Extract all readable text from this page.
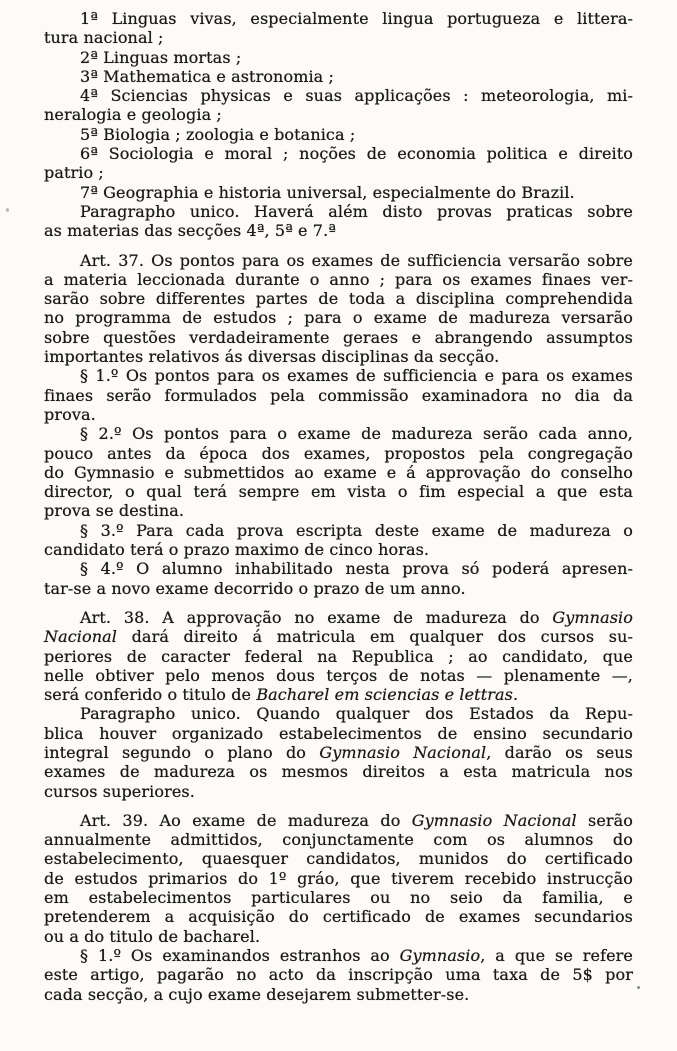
1ª Linguas vivas, especialmente lingua portugueza e littera-
tura nacional ;
2ª Linguas mortas ;
3ª Mathematica e astronomia ;
4ª Sciencias physicas e suas applicações : meteorologia, mi-
neralogia e geologia ;
5ª Biologia ; zoologia e botanica ;
6ª Sociologia e moral ; noções de economia politica e direito
patrio ;
7ª Geographia e historia universal, especialmente do Brazil.
Paragrapho unico. Haverá além disto provas praticas sobre
as materias das secções 4ª, 5ª e 7.ª
Art. 37. Os pontos para os exames de sufficiencia versarão sobre
a materia leccionada durante o anno ; para os exames finaes ver-
sarão sobre differentes partes de toda a disciplina comprehendida
no programma de estudos ; para o exame de madureza versarão
sobre questões verdadeiramente geraes e abrangendo assumptos
importantes relativos ás diversas disciplinas da secção.
§ 1.º Os pontos para os exames de sufficiencia e para os exames
finaes serão formulados pela commissão examinadora no dia da
prova.
§ 2.º Os pontos para o exame de madureza serão cada anno,
pouco antes da época dos exames, propostos pela congregação
do Gymnasio e submettidos ao exame e á approvação do conselho
director, o qual terá sempre em vista o fim especial a que esta
prova se destina.
§ 3.º Para cada prova escripta deste exame de madureza o
candidato terá o prazo maximo de cinco horas.
§ 4.º O alumno inhabilitado nesta prova só poderá apresen-
tar-se a novo exame decorrido o prazo de um anno.
Art. 38. A approvação no exame de madureza do Gymnasio
Nacional dará direito á matricula em qualquer dos cursos su-
periores de caracter federal na Republica ; ao candidato, que
nelle obtiver pelo menos dous terços de notas — plenamente —,
será conferido o titulo de Bacharel em sciencias e lettras.
Paragrapho unico. Quando qualquer dos Estados da Repu-
blica houver organizado estabelecimentos de ensino secundario
integral segundo o plano do Gymnasio Nacional, darão os seus
exames de madureza os mesmos direitos a esta matricula nos
cursos superiores.
Art. 39. Ao exame de madureza do Gymnasio Nacional serão
annualmente admittidos, conjunctamente com os alumnos do
estabelecimento, quaesquer candidatos, munidos do certificado
de estudos primarios do 1º gráo, que tiverem recebido instrucção
em estabelecimentos particulares ou no seio da familia, e
pretenderem a acquisição do certificado de exames secundarios
ou a do titulo de bacharel.
§ 1.º Os examinandos estranhos ao Gymnasio, a que se refere
este artigo, pagarão no acto da inscripção uma taxa de 5$ por
cada secção, a cujo exame desejarem submetter-se.
